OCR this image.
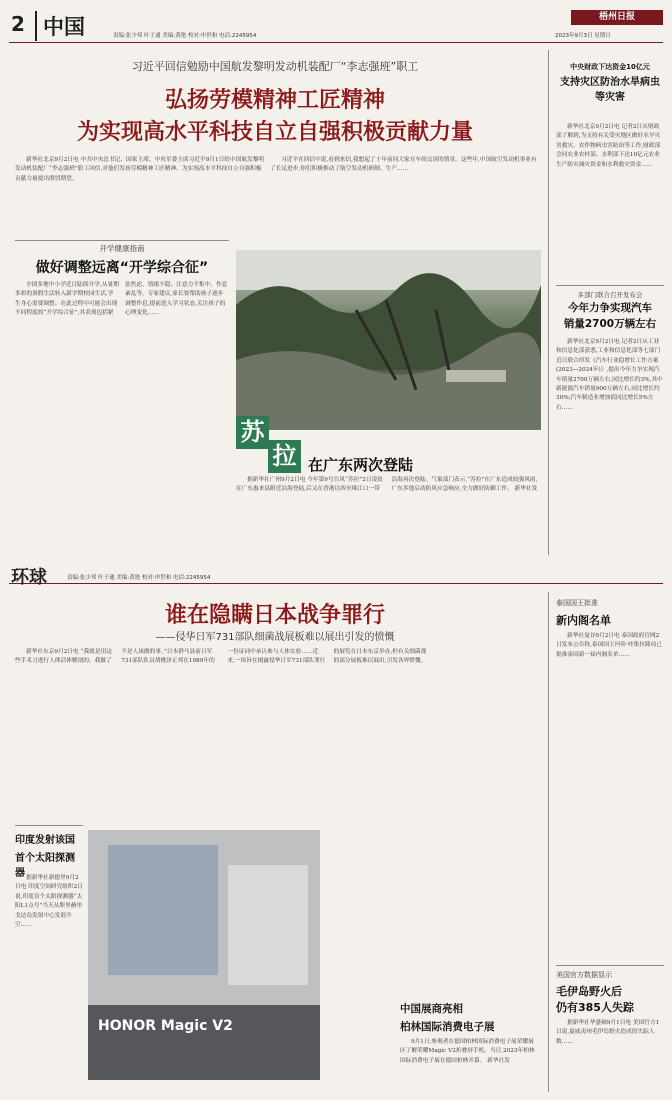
2 中国	责编:张少邦 叶子通 美编:黄艳 校对:申世和 电话:2245954
梧州日报
2023年9月3日 星期日
习近平回信勉励中国航发黎明发动机装配厂“李志强班”职工
弘扬劳模精神工匠精神
为实现高水平科技自立自强积极贡献力量

新华社北京9月2日电 中共中央总书记、国家主席、中央军委主席习近平9月1日给中国航发黎明发动机装配厂“李志强班”职工回信,对他们发扬劳模精神工匠精神、为实现高水平科技自立自强积极贡献力量提出殷切期望。

习近平在回信中说,看到来信,我想起了十年前同大家在车间交谈的情景。这些年,中国航空发动机事业有了长足进步,你们积极推动了航空发动机研制、生产……

开学健康指南
做好调整远离“开学综合征”

全国多地中小学近日陆续开学,从暑期多彩的暑假生活转入新学期校园生活,学生身心需要调整。在此过程中可能会出现不同程度的“开学综合征”,其表现包括紧张焦虑、情绪不稳、注意力不集中、作息紊乱等。专家建议,家长要帮助孩子逐步调整作息,提前进入学习状态,关注孩子的心理变化……

苏
拉 在广东两次登陆

据新华社广州9月2日电 今年第9号台风“苏拉”2日凌晨在广东惠来县附近沿海登陆,后又在香港以西至珠江口一带沿海再次登陆。气象部门表示,“苏拉”在广东造成较强风雨,广东多地启动防风应急响应,全力做好防御工作。 新华社发

中央财政下达资金10亿元
支持灾区防治水旱病虫等灾害

新华社北京9月2日电 记者2日从财政部了解到,为支持有关受灾地区做好水旱灾害救灾、农作物病虫害防治等工作,财政部会同农业农村部、水利部下达10亿元农业生产防灾减灾资金和水利救灾资金……

多部门联合召开发布会
今年力争实现汽车
销量2700万辆左右

新华社北京9月2日电 记者2日从工业和信息化部获悉,工业和信息化部等七部门近日联合印发《汽车行业稳增长工作方案(2023—2024年)》,提出今年力争实现汽车销量2700万辆左右,同比增长约3%,其中新能源汽车销量900万辆左右,同比增长约30%;汽车制造业增加值同比增长5%左右……

环球	责编:张少邦 叶子通 美编:黄艳 校对:申世和 电话:2245954
谁在隐瞒日本战争罪行
——侵华日军731部队细菌战展板难以展出引发的愤慨

新华社东京9月2日电 “我就是用这些手术刀进行人体活体解剖的。我做了不是人该做的事。”日本群马县前日军731部队队员胡桃泽正邦在1989年的一份证词中承认参与人体实验……近来,一场旨在揭露侵华日军731部队罪行的展览在日本东京举办,但有关细菌战的部分展板难以展出,引发各界愤慨。

HONOR Magic V2
中国展商亮相
柏林国际消费电子展

9月1日,参观者在德国柏林国际消费电子展荣耀展区了解荣耀Magic V2折叠屏手机。当日,2023年柏林国际消费电子展在德国柏林开幕。 新华社发

印度发射该国
首个太阳探测器 据新华社新德里9月2日电 印度空间研究组织2日说,印度首个太阳探测器“太阳L1点号”当天从斯里赫里戈达岛发射中心发射升空……

泰国国王批准
新内阁名单

新华社曼谷9月2日电 泰国政府官网2日发布公告称,泰国国王玛哈·哇集拉隆功已批准泰国新一届内阁名单……

美国官方数据显示
毛伊岛野火后
仍有385人失踪

据新华社华盛顿9月1日电 美国官方1日说,夏威夷州毛伊岛野火造成的失踪人数……
